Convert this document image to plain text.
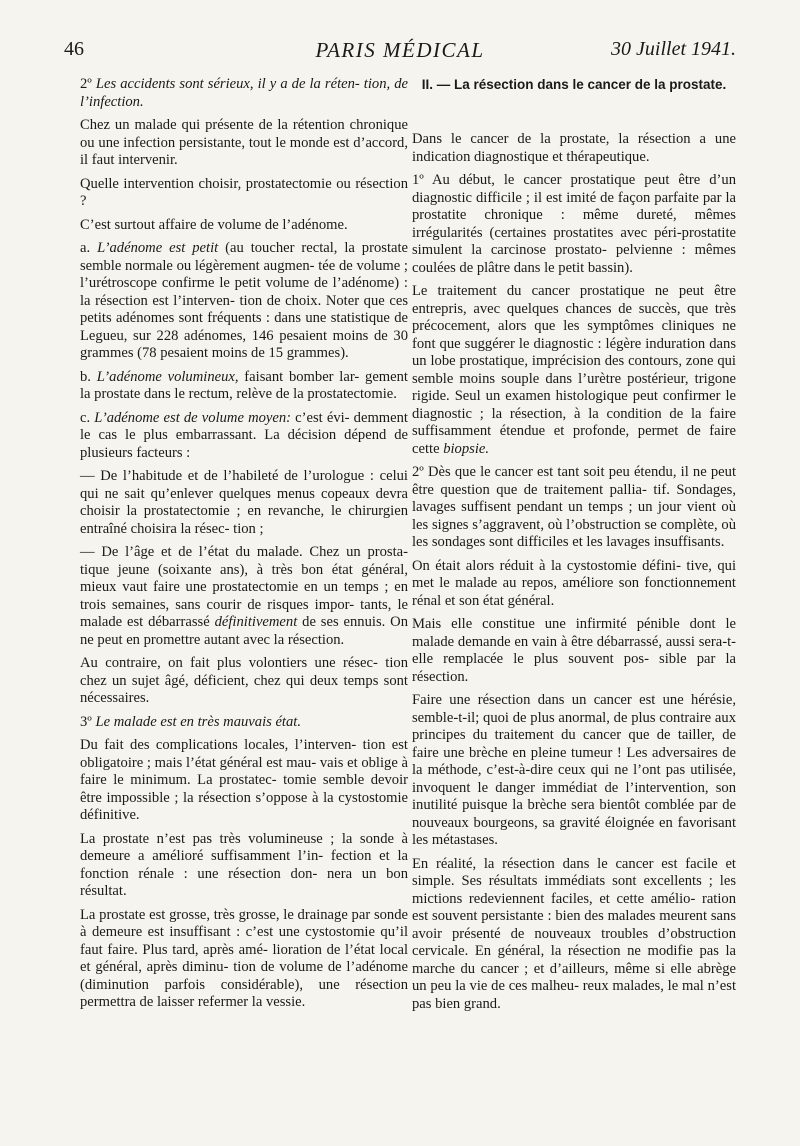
46	PARIS MÉDICAL	30 Juillet 1941.

2º Les accidents sont sérieux, il y a de la réten- tion, de l’infection.

Chez un malade qui présente de la rétention chronique ou une infection persistante, tout le monde est d’accord, il faut intervenir.

Quelle intervention choisir, prostatectomie ou résection ?

C’est surtout affaire de volume de l’adénome.

a. L’adénome est petit (au toucher rectal, la prostate semble normale ou légèrement augmen- tée de volume ; l’urétroscope confirme le petit volume de l’adénome) : la résection est l’interven- tion de choix. Noter que ces petits adénomes sont fréquents : dans une statistique de Legueu, sur 228 adénomes, 146 pesaient moins de 30 grammes (78 pesaient moins de 15 grammes).

b. L’adénome volumineux, faisant bomber lar- gement la prostate dans le rectum, relève de la prostatectomie.

c. L’adénome est de volume moyen: c’est évi- demment le cas le plus embarrassant. La décision dépend de plusieurs facteurs :

— De l’habitude et de l’habileté de l’urologue : celui qui ne sait qu’enlever quelques menus copeaux devra choisir la prostatectomie ; en revanche, le chirurgien entraîné choisira la résec- tion ;

— De l’âge et de l’état du malade. Chez un prosta- tique jeune (soixante ans), à très bon état général, mieux vaut faire une prostatectomie en un temps ; en trois semaines, sans courir de risques impor- tants, le malade est débarrassé définitivement de ses ennuis. On ne peut en promettre autant avec la résection.

Au contraire, on fait plus volontiers une résec- tion chez un sujet âgé, déficient, chez qui deux temps sont nécessaires.

3º Le malade est en très mauvais état.

Du fait des complications locales, l’interven- tion est obligatoire ; mais l’état général est mau- vais et oblige à faire le minimum. La prostatec- tomie semble devoir être impossible ; la résection s’oppose à la cystostomie définitive.

La prostate n’est pas très volumineuse ; la sonde à demeure a amélioré suffisamment l’in- fection et la fonction rénale : une résection don- nera un bon résultat.

La prostate est grosse, très grosse, le drainage par sonde à demeure est insuffisant : c’est une cystostomie qu’il faut faire. Plus tard, après amé- lioration de l’état local et général, après diminu- tion de volume de l’adénome (diminution parfois considérable), une résection permettra de laisser refermer la vessie.

II. — La résection dans le cancer de la prostate.

Dans le cancer de la prostate, la résection a une indication diagnostique et thérapeutique.

1º Au début, le cancer prostatique peut être d’un diagnostic difficile ; il est imité de façon parfaite par la prostatite chronique : même dureté, mêmes irrégularités (certaines prostatites avec péri-prostatite simulent la carcinose prostato- pelvienne : mêmes coulées de plâtre dans le petit bassin).

Le traitement du cancer prostatique ne peut être entrepris, avec quelques chances de succès, que très précocement, alors que les symptômes cliniques ne font que suggérer le diagnostic : légère induration dans un lobe prostatique, imprécision des contours, zone qui semble moins souple dans l’urètre postérieur, trigone rigide. Seul un examen histologique peut confirmer le diagnostic ; la résection, à la condition de la faire suffisamment étendue et profonde, permet de faire cette biopsie.

2º Dès que le cancer est tant soit peu étendu, il ne peut être question que de traitement pallia- tif. Sondages, lavages suffisent pendant un temps ; un jour vient où les signes s’aggravent, où l’obstruction se complète, où les sondages sont difficiles et les lavages insuffisants.

On était alors réduit à la cystostomie défini- tive, qui met le malade au repos, améliore son fonctionnement rénal et son état général.

Mais elle constitue une infirmité pénible dont le malade demande en vain à être débarrassé, aussi sera-t-elle remplacée le plus souvent pos- sible par la résection.

Faire une résection dans un cancer est une hérésie, semble-t-il; quoi de plus anormal, de plus contraire aux principes du traitement du cancer que de tailler, de faire une brèche en pleine tumeur ! Les adversaires de la méthode, c’est-à-dire ceux qui ne l’ont pas utilisée, invoquent le danger immédiat de l’intervention, son inutilité puisque la brèche sera bientôt comblée par de nouveaux bourgeons, sa gravité éloignée en favorisant les métastases.

En réalité, la résection dans le cancer est facile et simple. Ses résultats immédiats sont excellents ; les mictions redeviennent faciles, et cette amélio- ration est souvent persistante : bien des malades meurent sans avoir présenté de nouveaux troubles d’obstruction cervicale. En général, la résection ne modifie pas la marche du cancer ; et d’ailleurs, même si elle abrège un peu la vie de ces malheu- reux malades, le mal n’est pas bien grand.
